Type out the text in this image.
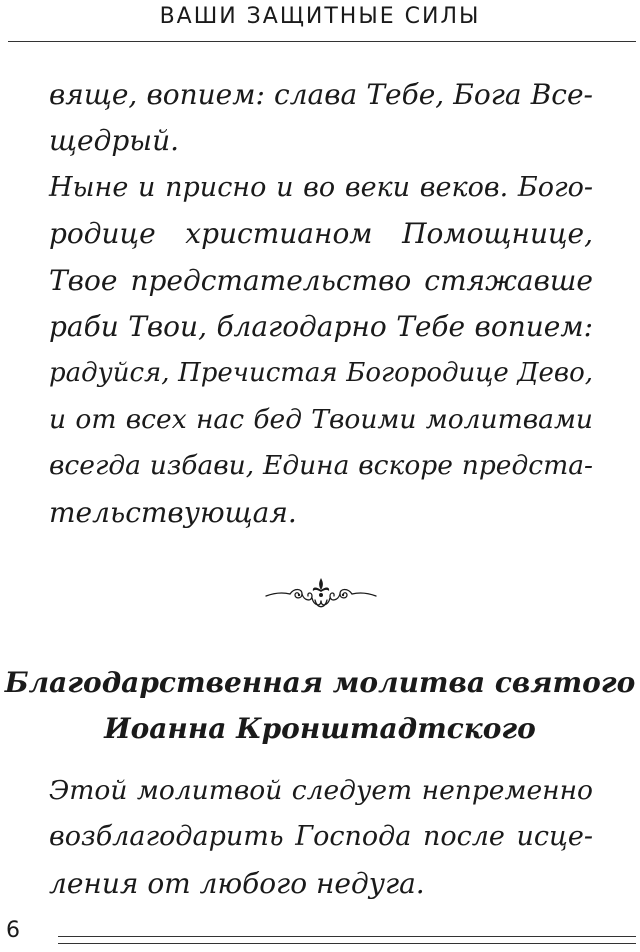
ВАШИ ЗАЩИТНЫЕ СИЛЫ
вяще, вопием: слава Тебе, Бога Все-
щедрый.
Ныне и присно и во веки веков. Бого-
родице христианом Помощнице,
Твое предстательство стяжавше
раби Твои, благодарно Тебе вопием:
радуйся, Пречистая Богородице Дево,
и от всех нас бед Твоими молитвами
всегда избави, Едина вскоре предста-
тельствующая.
Благодарственная молитва святого
Иоанна Кронштадтского
Этой молитвой следует непременно
возблагодарить Господа после исце-
ления от любого недуга.
6
